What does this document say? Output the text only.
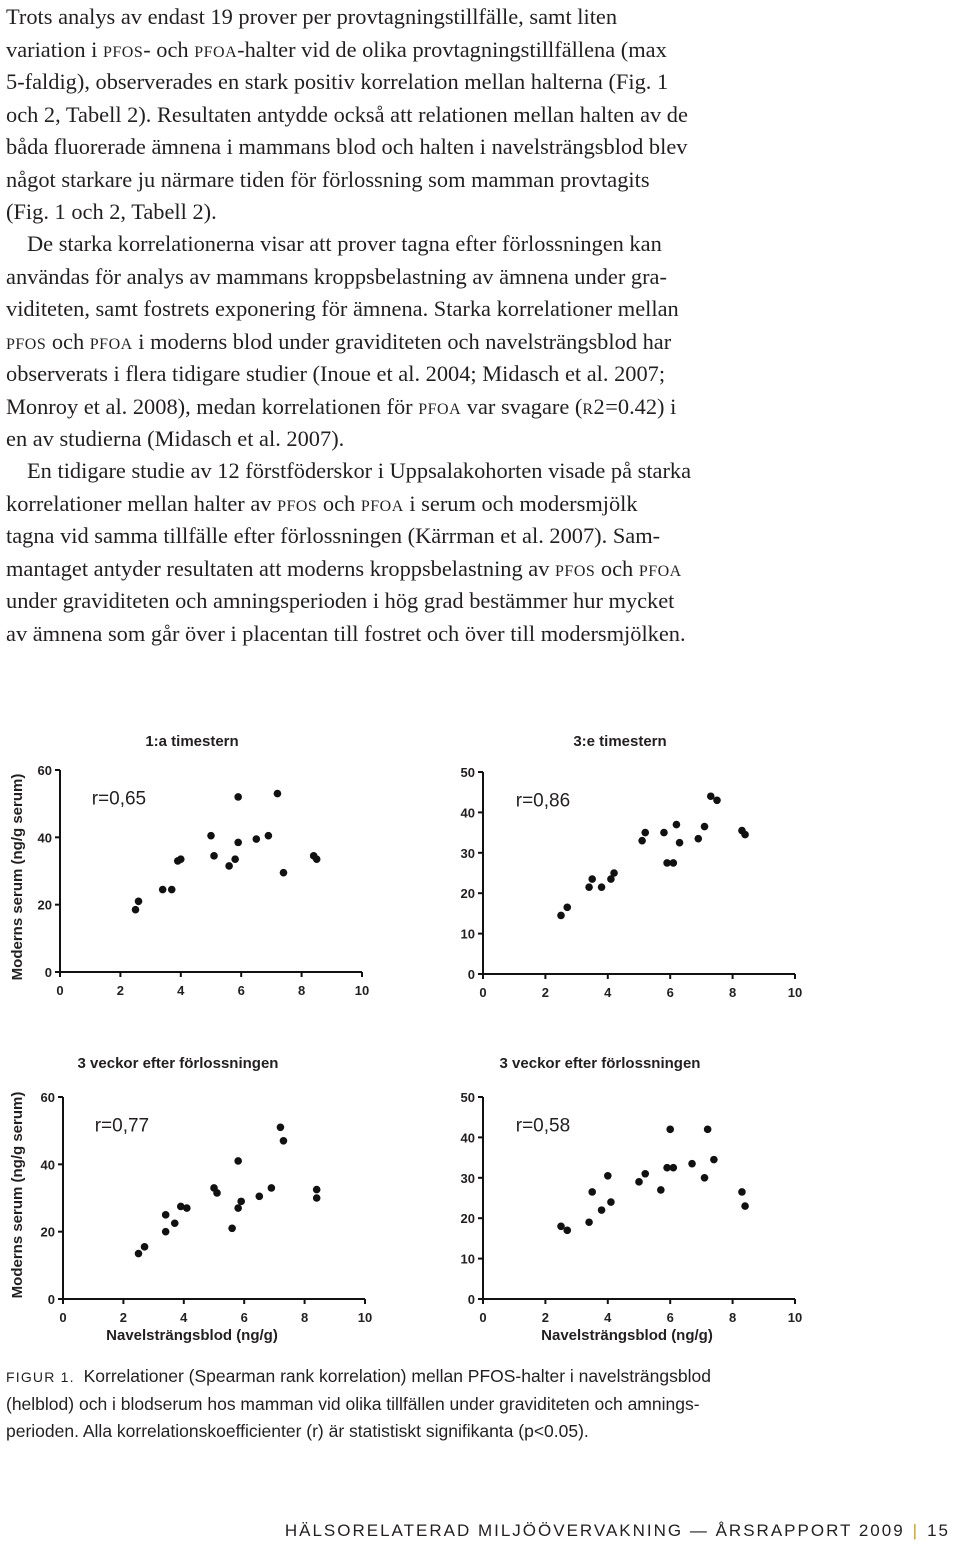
Trots analys av endast 19 prover per provtagningstillfälle, samt liten
variation i pfos- och pfoa-halter vid de olika provtagningstillfällena (max
5-faldig), observerades en stark positiv korrelation mellan halterna (Fig. 1
och 2, Tabell 2). Resultaten antydde också att relationen mellan halten av de
båda fluorerade ämnena i mammans blod och halten i navelsträngsblod blev
något starkare ju närmare tiden för förlossning som mamman provtagits
(Fig. 1 och 2, Tabell 2).
De starka korrelationerna visar att prover tagna efter förlossningen kan
användas för analys av mammans kroppsbelastning av ämnena under gra-
viditeten, samt fostrets exponering för ämnena. Starka korrelationer mellan
pfos och pfoa i moderns blod under graviditeten och navelsträngsblod har
observerats i flera tidigare studier (Inoue et al. 2004; Midasch et al. 2007;
Monroy et al. 2008), medan korrelationen för pfoa var svagare (r2=0.42) i
en av studierna (Midasch et al. 2007).
En tidigare studie av 12 förstföderskor i Uppsalakohorten visade på starka
korrelationer mellan halter av pfos och pfoa i serum och modersmjölk
tagna vid samma tillfälle efter förlossningen (Kärrman et al. 2007). Sam-
mantaget antyder resultaten att moderns kroppsbelastning av pfos och pfoa
under graviditeten och amningsperioden i hög grad bestämmer hur mycket
av ämnena som går över i placentan till fostret och över till modersmjölken.
Moderns serum (ng/g serum)
Moderns serum (ng/g serum)
Navelsträngsblod (ng/g)	Navelsträngsblod (ng/g)
1:a timestern
0	2	4	6	8	10
0
20
40
60
r=0,65
3:e timestern
0	2	4	6	8	10
0
10
20
30
40
50
r=0,86
3 veckor efter förlossningen
0	2	4	6	8	10
0
20
40
60
r=0,77
3 veckor efter förlossningen
0	2	4	6	8	10
0
10
20
30
40
50
r=0,58
FIGUR 1. Korrelationer (Spearman rank korrelation) mellan PFOS-halter i navelsträngsblod
(helblod) och i blodserum hos mamman vid olika tillfällen under graviditeten och amnings-
perioden. Alla korrelationskoefficienter (r) är statistiskt signifikanta (p<0.05).
HÄLSORELATERAD MILJÖÖVERVAKNING — ÅRSRAPPORT 2009 | 15
